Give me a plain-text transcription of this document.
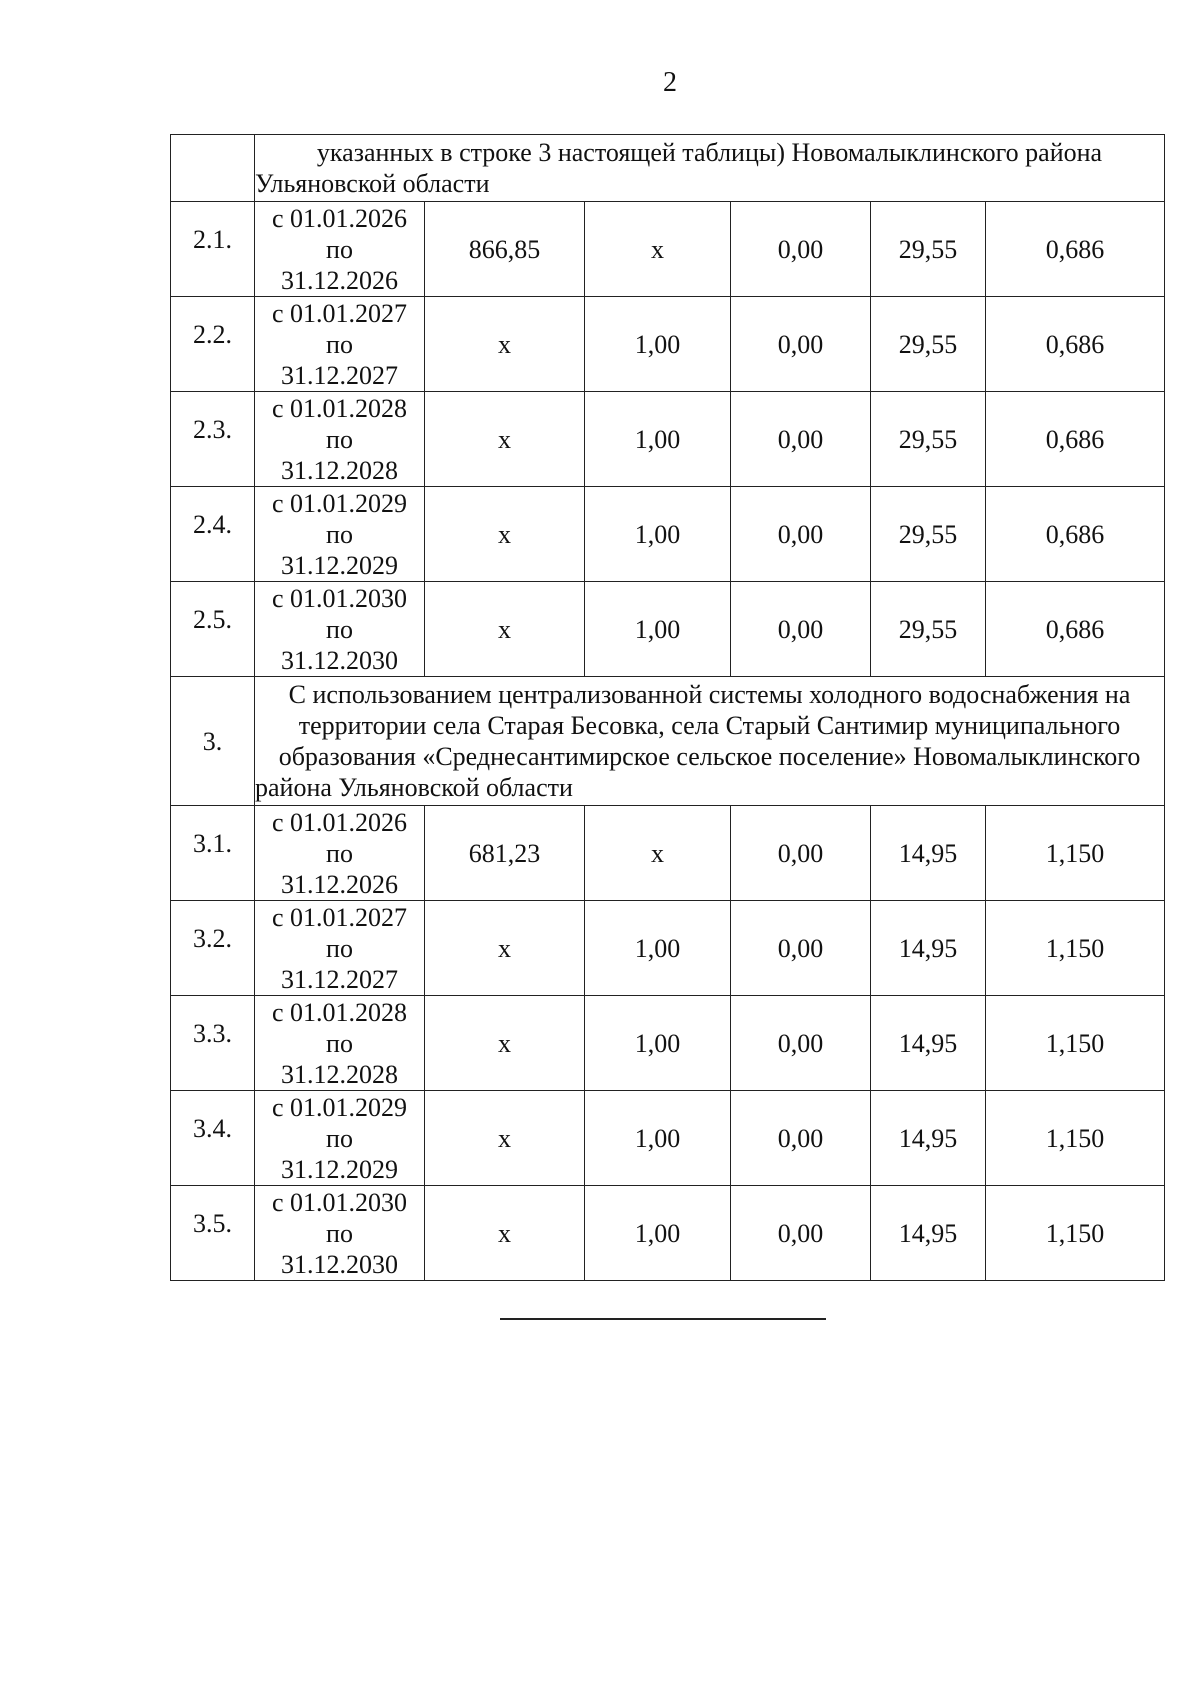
2
	указанных в строке 3 настоящей таблицы) Новомалыклинского района Ульяновской области					
2.1.	с 01.01.2026
по
31.12.2026	866,85	х	0,00	29,55	0,686
2.2.	с 01.01.2027
по
31.12.2027	х	1,00	0,00	29,55	0,686
2.3.	с 01.01.2028
по
31.12.2028	х	1,00	0,00	29,55	0,686
2.4.	с 01.01.2029
по
31.12.2029	х	1,00	0,00	29,55	0,686
2.5.	с 01.01.2030
по
31.12.2030	х	1,00	0,00	29,55	0,686
3.	С использованием централизованной системы холодного водоснабжения на территории села Старая Бесовка, села Старый Сантимир муниципального образования «Среднесантимирское сельское поселение» Новомалыклинского района Ульяновской области					
3.1.	с 01.01.2026
по
31.12.2026	681,23	х	0,00	14,95	1,150
3.2.	с 01.01.2027
по
31.12.2027	х	1,00	0,00	14,95	1,150
3.3.	с 01.01.2028
по
31.12.2028	х	1,00	0,00	14,95	1,150
3.4.	с 01.01.2029
по
31.12.2029	х	1,00	0,00	14,95	1,150
3.5.	с 01.01.2030
по
31.12.2030	х	1,00	0,00	14,95	1,150
